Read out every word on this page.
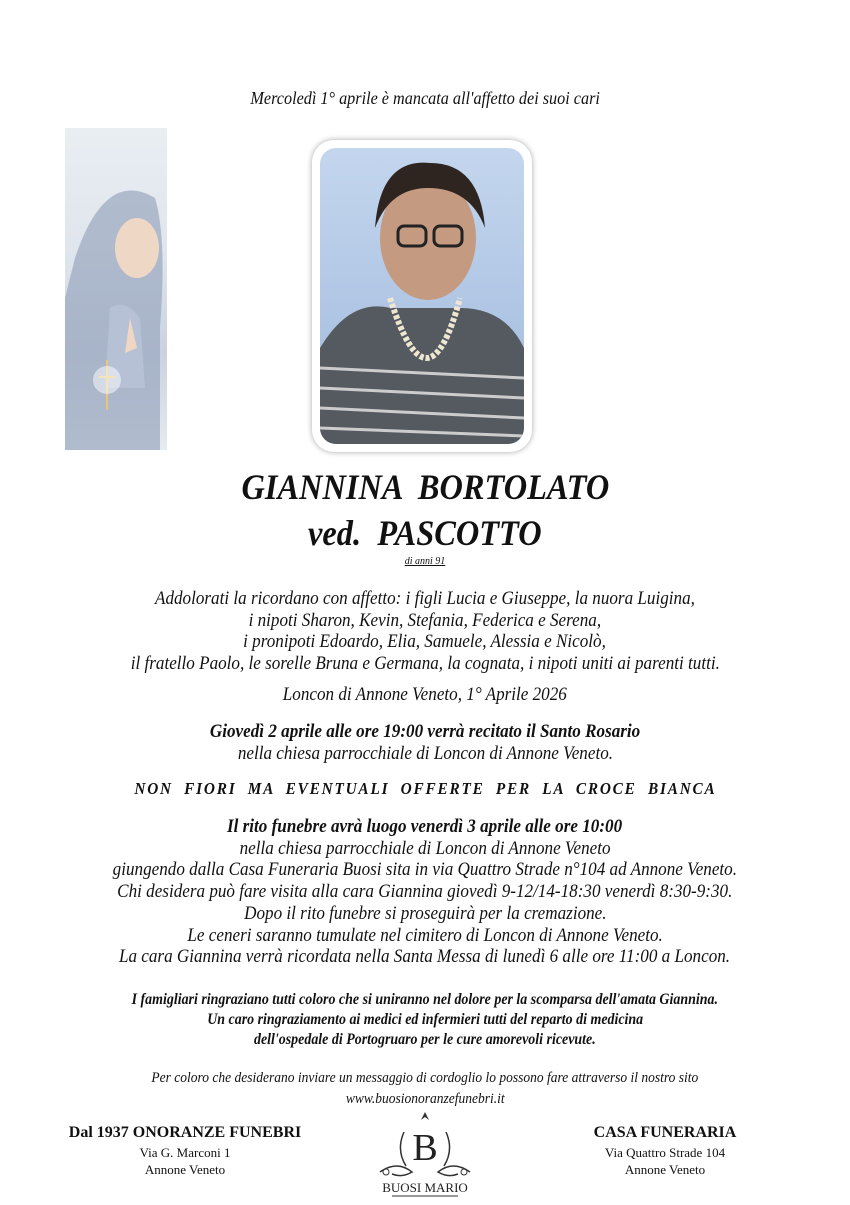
Mercoledì 1° aprile è mancata all'affetto dei suoi cari
GIANNINA  BORTOLATO
ved.  PASCOTTO
di anni 91
Addolorati la ricordano con affetto: i figli Lucia e Giuseppe, la nuora Luigina,
i nipoti Sharon, Kevin, Stefania, Federica e Serena,
i pronipoti Edoardo, Elia, Samuele, Alessia e Nicolò,
il fratello Paolo, le sorelle Bruna e Germana, la cognata, i nipoti uniti ai parenti tutti.
Loncon di Annone Veneto, 1° Aprile 2026
Giovedì 2 aprile alle ore 19:00 verrà recitato il Santo Rosario
nella chiesa parrocchiale di Loncon di Annone Veneto.
NON  FIORI  MA  EVENTUALI  OFFERTE  PER  LA  CROCE  BIANCA
Il rito funebre avrà luogo venerdì 3 aprile alle ore 10:00
nella chiesa parrocchiale di Loncon di Annone Veneto
giungendo dalla Casa Funeraria Buosi sita in via Quattro Strade n°104 ad Annone Veneto.
Chi desidera può fare visita alla cara Giannina giovedì 9-12/14-18:30 venerdì 8:30-9:30.
Dopo il rito funebre si proseguirà per la cremazione.
Le ceneri saranno tumulate nel cimitero di Loncon di Annone Veneto.
La cara Giannina verrà ricordata nella Santa Messa di lunedì 6 alle ore 11:00 a Loncon.
I famigliari ringraziano tutti coloro che si uniranno nel dolore per la scomparsa dell'amata Giannina.
Un caro ringraziamento ai medici ed infermieri tutti del reparto di medicina
dell'ospedale di Portogruaro per le cure amorevoli ricevute.
Per coloro che desiderano inviare un messaggio di cordoglio lo possono fare attraverso il nostro sito
www.buosionoranzefunebri.it
Dal 1937 ONORANZE FUNEBRI
Via G. Marconi 1
Annone Veneto
B
BUOSI MARIO
CASA FUNERARIA
Via Quattro Strade 104
Annone Veneto
